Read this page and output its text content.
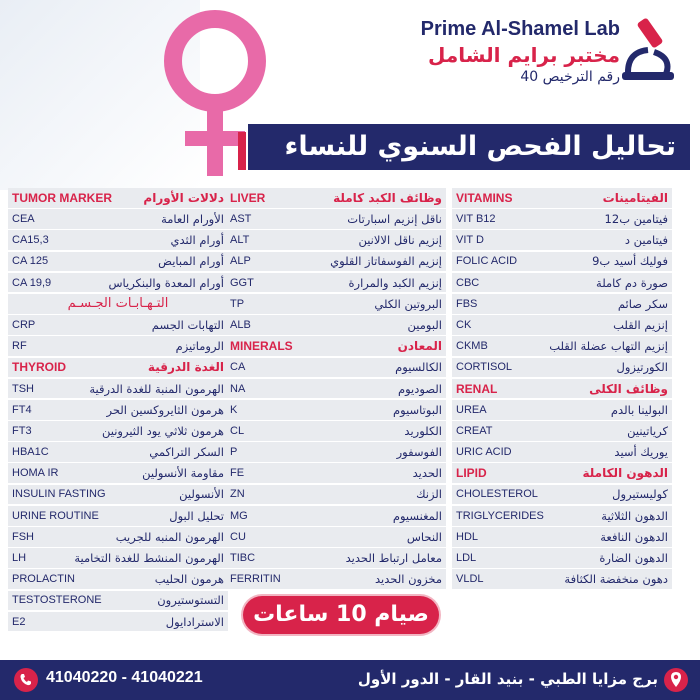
Prime Al-Shamel Lab
مختبر برايم الشامل
رقم الترخيص 40
تحاليل الفحص السنوي للنساء
TUMOR MARKER	دلالات الأورام
CEA	الأورام العامة
CA15,3	أورام الثدي
CA 125	أورام المبايض
CA 19,9	أورام المعدة والبنكرياس
التـهـابـات الجـسـم
CRP	التهابات الجسم
RF	الروماتيزم
THYROID	الغدة الدرقية
TSH	الهرمون المنبة للغدة الدرقية
FT4	هرمون الثايروكسين الحر
FT3	هرمون ثلاثي يود الثيرونين
HBA1C	السكر التراكمي
HOMA IR	مقاومة الأنسولين
INSULIN FASTING	الأنسولين
URINE ROUTINE	تحليل البول
FSH	الهرمون المنبه للجريب
LH	الهرمون المنشط للغدة التخامية
PROLACTIN	هرمون الحليب
TESTOSTERONE	التستوستيرون
E2	الاسترادايول
LIVER	وظائف الكبد كاملة
AST	ناقل إنزيم اسبارتات
ALT	إنزيم ناقل الالانين
ALP	إنزيم الفوسفاتاز القلوي
GGT	إنزيم الكبد والمرارة
TP	البروتين الكلي
ALB	البومين
MINERALS	المعادن
CA	الكالسيوم
NA	الصوديوم
K	البوتاسيوم
CL	الكلوريد
P	الفوسفور
FE	الحديد
ZN	الزنك
MG	المغنسيوم
CU	النحاس
TIBC	معامل ارتباط الحديد
FERRITIN	مخزون الحديد
VITAMINS	الفيتامينات
VIT B12	فيتامين ب12
VIT D	فيتامين د
FOLIC ACID	فوليك أسيد ب9
CBC	صورة دم كاملة
FBS	سكر صائم
CK	إنزيم القلب
CKMB	إنزيم التهاب عضلة القلب
CORTISOL	الكورتيزول
RENAL	وظائف الكلى
UREA	البولينا بالدم
CREAT	كرياتينين
URIC ACID	يوريك أسيد
LIPID	الدهون الكاملة
CHOLESTEROL	كوليستيرول
TRIGLYCERIDES	الدهون الثلاثية
HDL	الدهون النافعة
LDL	الدهون الضارة
VLDL	دهون منخفضة الكثافة
صيام 10 ساعات
41040220 - 41040221	برج مزايا الطبي - بنيد القار - الدور الأول
